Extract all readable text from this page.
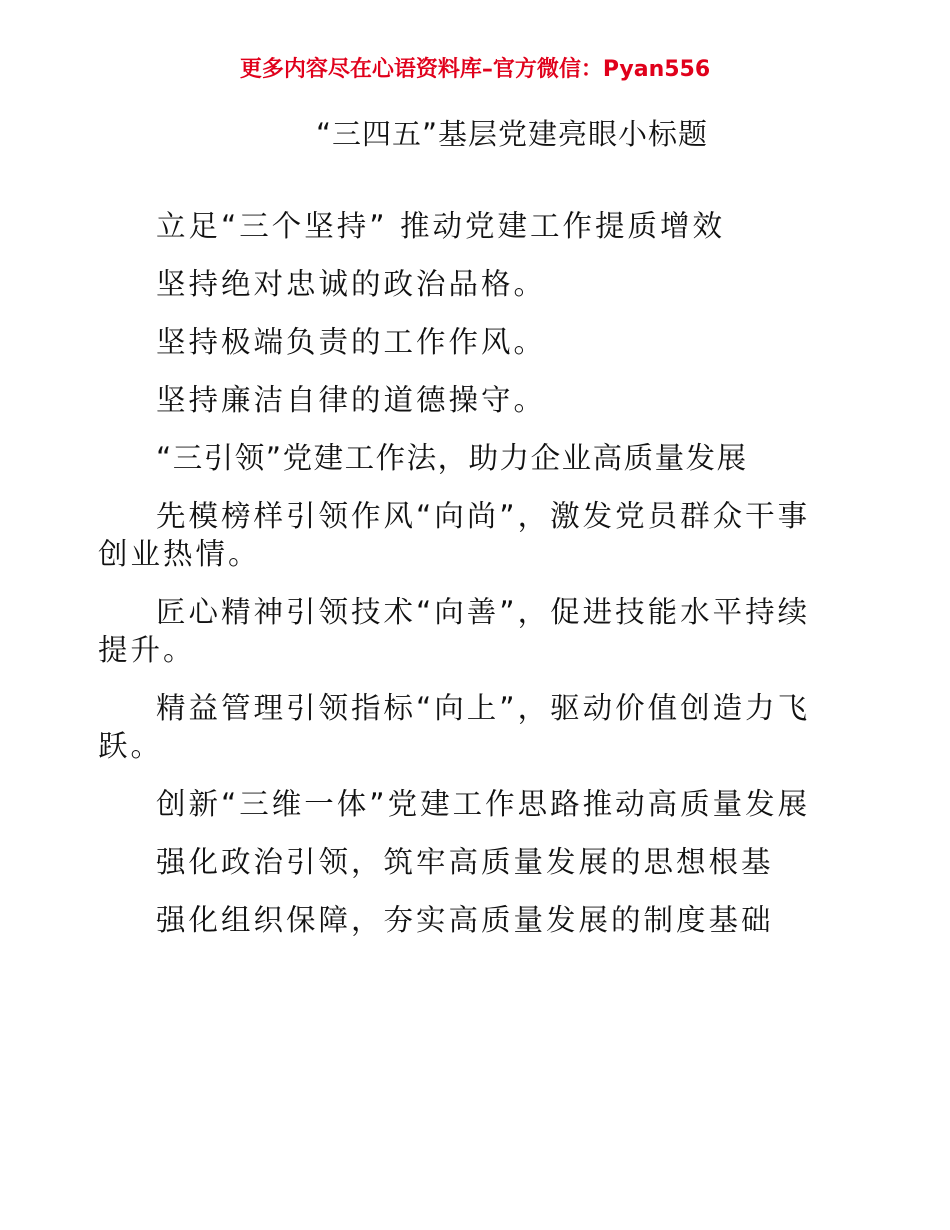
更多内容尽在心语资料库–官方微信：Pyan556
“三四五”基层党建亮眼小标题

立足“三个坚持” 推动党建工作提质增效

坚持绝对忠诚的政治品格。

坚持极端负责的工作作风。

坚持廉洁自律的道德操守。

“三引领”党建工作法，助力企业高质量发展

先模榜样引领作风“向尚”，激发党员群众干事创业热情。

匠心精神引领技术“向善”，促进技能水平持续提升。

精益管理引领指标“向上”，驱动价值创造力飞跃。

创新“三维一体”党建工作思路推动高质量发展

强化政治引领，筑牢高质量发展的思想根基

强化组织保障，夯实高质量发展的制度基础
